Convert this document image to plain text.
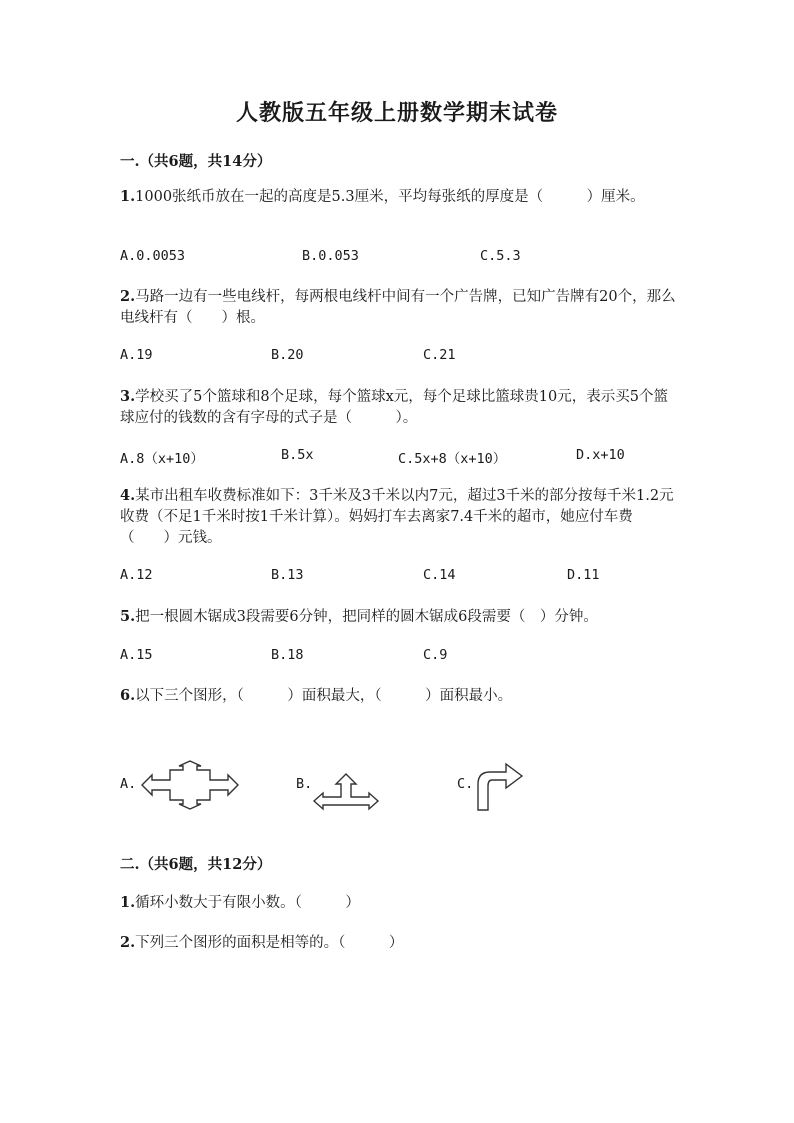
人教版五年级上册数学期末试卷
一.（共6题，共14分）
1.1000张纸币放在一起的高度是5.3厘米，平均每张纸的厚度是（　　　）厘米。
A.0.0053	B.0.053	C.5.3
2.马路一边有一些电线杆，每两根电线杆中间有一个广告牌，已知广告牌有20个，那么电线杆有（　　）根。
A.19	B.20	C.21
3.学校买了5个篮球和8个足球，每个篮球x元，每个足球比篮球贵10元，表示买5个篮球应付的钱数的含有字母的式子是（　　　）。
A.8（x+10）	B.5x	C.5x+8（x+10）	D.x+10
4.某市出租车收费标准如下：3千米及3千米以内7元，超过3千米的部分按每千米1.2元收费（不足1千米时按1千米计算）。妈妈打车去离家7.4千米的超市，她应付车费（　　）元钱。
A.12	B.13	C.14	D.11
5.把一根圆木锯成3段需要6分钟，把同样的圆木锯成6段需要（　）分钟。
A.15	B.18	C.9
6.以下三个图形，（　　　）面积最大，（　　　）面积最小。
A.	B.	C.
二.（共6题，共12分）
1.循环小数大于有限小数。（　　　）
2.下列三个图形的面积是相等的。（　　　）
